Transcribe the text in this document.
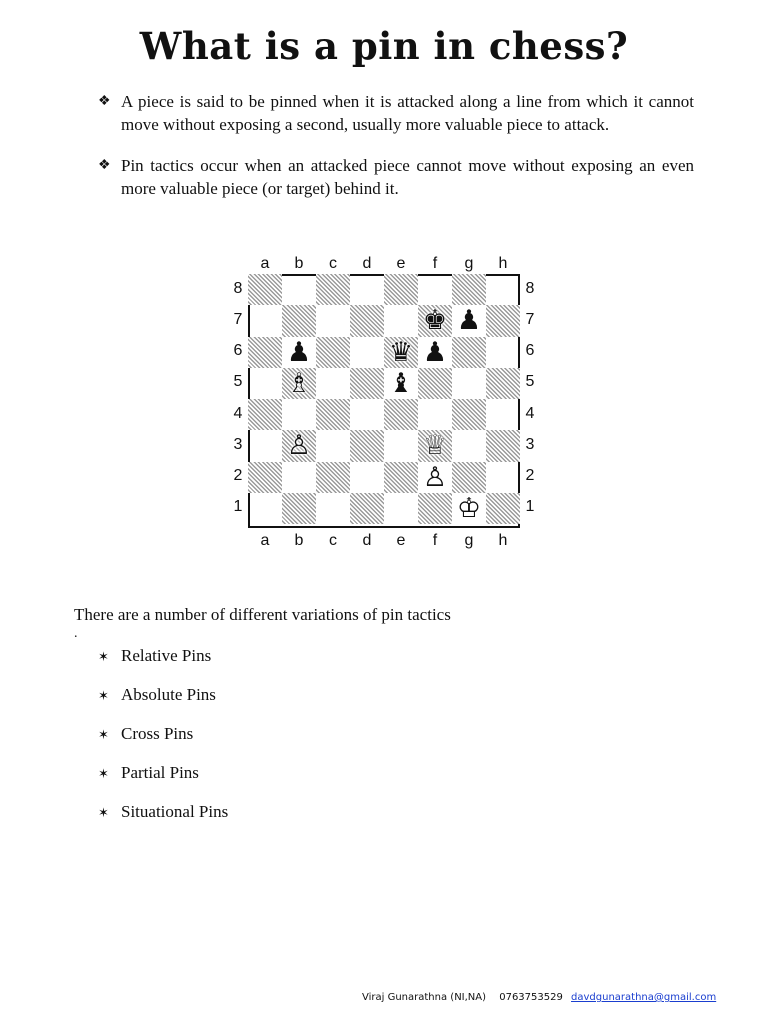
What is a pin in chess?
❖ A piece is said to be pinned when it is attacked along a line from which it cannot move without exposing a second, usually more valuable piece to attack.
❖ Pin tactics occur when an attacked piece cannot move without exposing an even more valuable piece (or target) behind it.
♚ ♟
♟	♛ ♟
♗	♝
♙	♕
♙
♔
a
a
b
b
c
c
d
d
e
e
f
f
g
g
h
h
8	8
7	7
6	6
5	5
4	4
3	3
2	2
1	1

There are a number of different variations of pin tactics

.
✶ Relative Pins
✶ Absolute Pins
✶ Cross Pins
✶ Partial Pins
✶ Situational Pins
Viraj Gunarathna (NI,NA) 0763753529 davdgunarathna@gmail.com
